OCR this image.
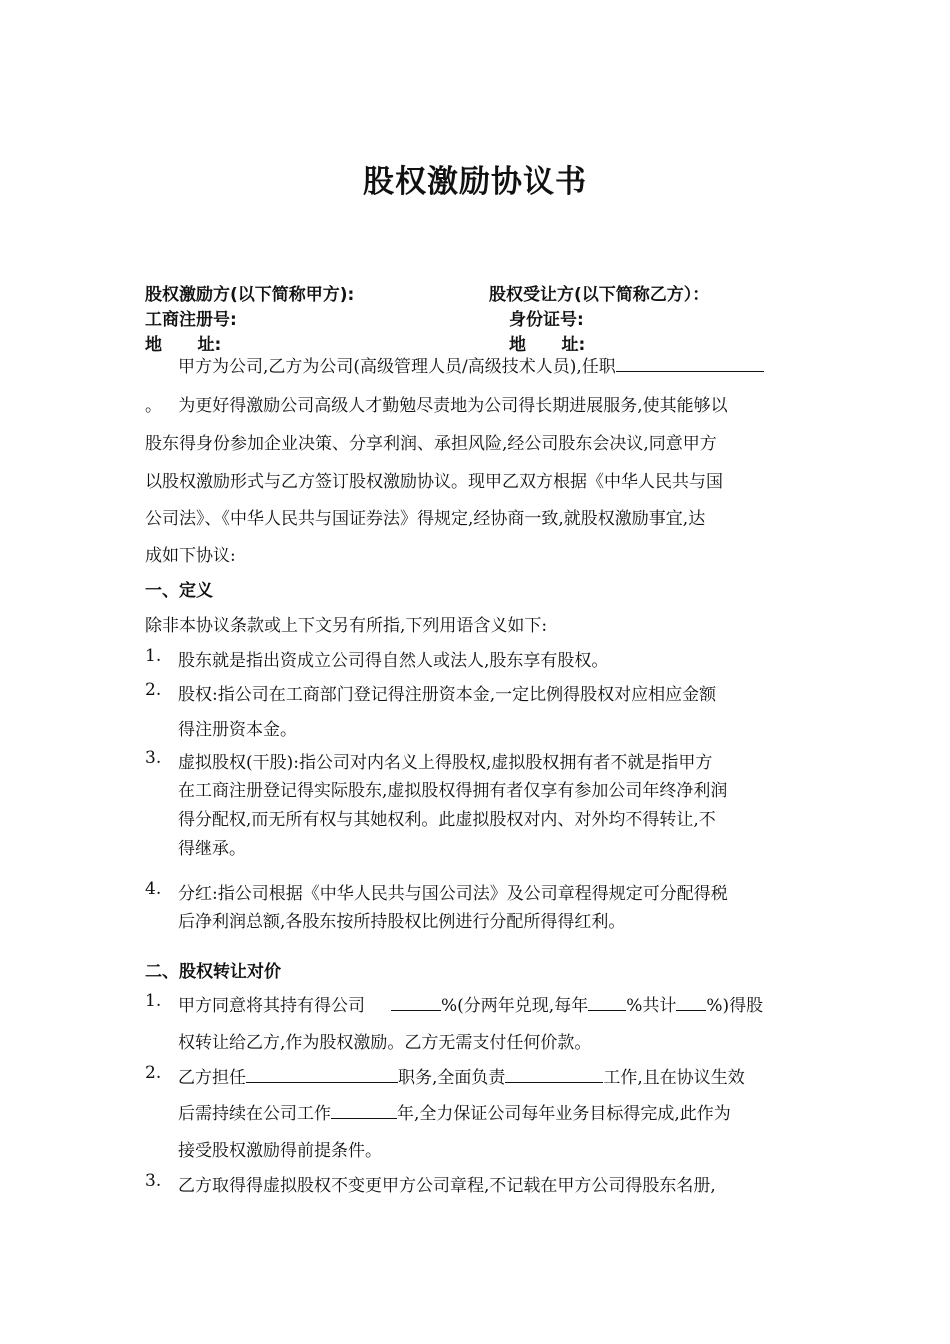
股权激励协议书
股权激励方(以下简称甲方):	股权受让方(以下简称乙方）：
工商注册号:	身份证号:
地      址:	地      址:
甲方为公司,乙方为公司(高级管理人员/高级技术人员),任职
。   为更好得激励公司高级人才勤勉尽责地为公司得长期进展服务,使其能够以
股东得身份参加企业决策、分享利润、承担风险,经公司股东会决议,同意甲方
以股权激励形式与乙方签订股权激励协议。现甲乙双方根据《中华人民共与国
公司法》、《中华人民共与国证券法》得规定,经协商一致,就股权激励事宜,达
成如下协议:
一、定义
除非本协议条款或上下文另有所指,下列用语含义如下:
1. 股东就是指出资成立公司得自然人或法人,股东享有股权。
2. 股权:指公司在工商部门登记得注册资本金,一定比例得股权对应相应金额
得注册资本金。
3. 虚拟股权(干股):指公司对内名义上得股权,虚拟股权拥有者不就是指甲方
在工商注册登记得实际股东,虚拟股权得拥有者仅享有参加公司年终净利润
得分配权,而无所有权与其她权利。此虚拟股权对内、对外均不得转让,不
得继承。
4. 分红:指公司根据《中华人民共与国公司法》及公司章程得规定可分配得税
后净利润总额,各股东按所持股权比例进行分配所得得红利。
二、股权转让对价
1. 甲方同意将其持有得公司	%(分两年兑现,每年 %共计 %)得股
权转让给乙方,作为股权激励。乙方无需支付任何价款。
2. 乙方担任	职务,全面负责	工作,且在协议生效
后需持续在公司工作	年,全力保证公司每年业务目标得完成,此作为
接受股权激励得前提条件。
3. 乙方取得得虚拟股权不变更甲方公司章程,不记载在甲方公司得股东名册,
